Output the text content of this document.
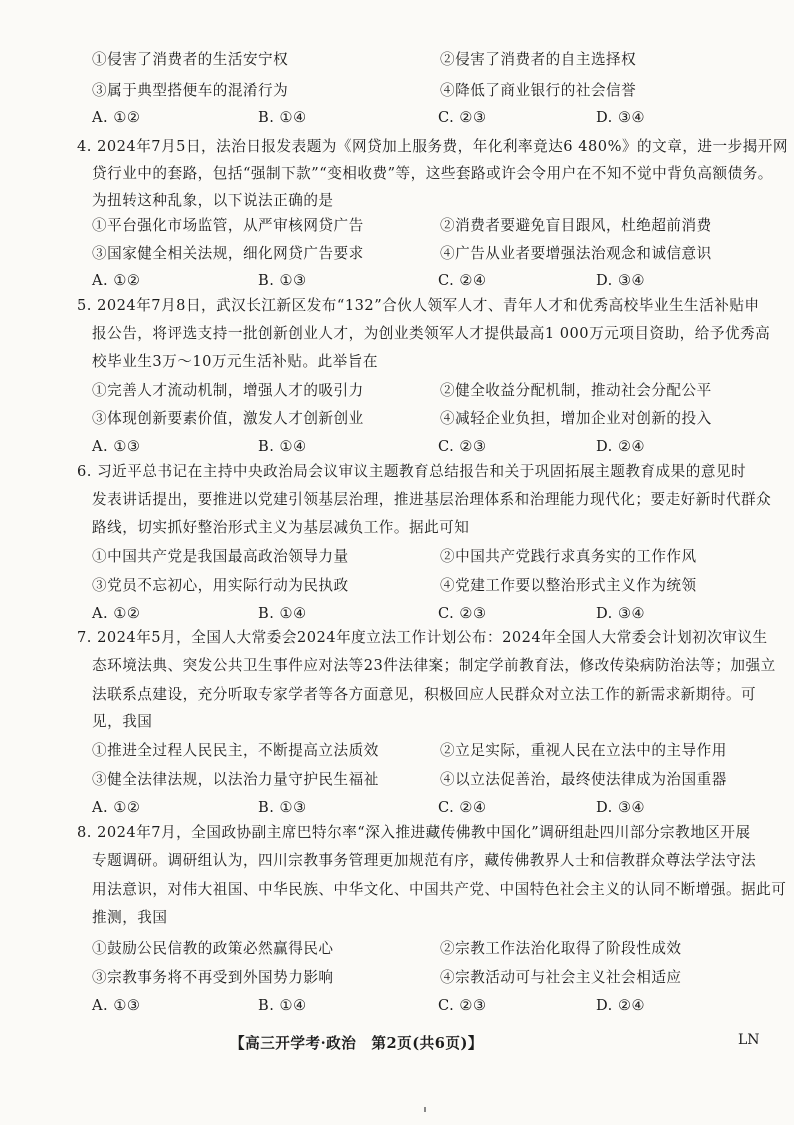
①侵害了消费者的生活安宁权	②侵害了消费者的自主选择权
③属于典型搭便车的混淆行为	④降低了商业银行的社会信誉
A. ①②	B. ①④	C. ②③	D. ③④
4. 2024年7月5日，法治日报发表题为《网贷加上服务费，年化利率竟达6 480%》的文章，进一步揭开网
贷行业中的套路，包括“强制下款”“变相收费”等，这些套路或许会令用户在不知不觉中背负高额债务。
为扭转这种乱象，以下说法正确的是
①平台强化市场监管，从严审核网贷广告	②消费者要避免盲目跟风，杜绝超前消费
③国家健全相关法规，细化网贷广告要求	④广告从业者要增强法治观念和诚信意识
A. ①②	B. ①③	C. ②④	D. ③④
5. 2024年7月8日，武汉长江新区发布“132”合伙人领军人才、青年人才和优秀高校毕业生生活补贴申
报公告，将评选支持一批创新创业人才，为创业类领军人才提供最高1 000万元项目资助，给予优秀高
校毕业生3万～10万元生活补贴。此举旨在
①完善人才流动机制，增强人才的吸引力	②健全收益分配机制，推动社会分配公平
③体现创新要素价值，激发人才创新创业	④减轻企业负担，增加企业对创新的投入
A. ①③	B. ①④	C. ②③	D. ②④
6. 习近平总书记在主持中央政治局会议审议主题教育总结报告和关于巩固拓展主题教育成果的意见时
发表讲话提出，要推进以党建引领基层治理，推进基层治理体系和治理能力现代化；要走好新时代群众
路线，切实抓好整治形式主义为基层减负工作。据此可知
①中国共产党是我国最高政治领导力量	②中国共产党践行求真务实的工作作风
③党员不忘初心，用实际行动为民执政	④党建工作要以整治形式主义作为统领
A. ①②	B. ①④	C. ②③	D. ③④
7. 2024年5月，全国人大常委会2024年度立法工作计划公布：2024年全国人大常委会计划初次审议生
态环境法典、突发公共卫生事件应对法等23件法律案；制定学前教育法，修改传染病防治法等；加强立
法联系点建设，充分听取专家学者等各方面意见，积极回应人民群众对立法工作的新需求新期待。可
见，我国
①推进全过程人民民主，不断提高立法质效	②立足实际，重视人民在立法中的主导作用
③健全法律法规，以法治力量守护民生福祉	④以立法促善治，最终使法律成为治国重器
A. ①②	B. ①③	C. ②④	D. ③④
8. 2024年7月，全国政协副主席巴特尔率“深入推进藏传佛教中国化”调研组赴四川部分宗教地区开展
专题调研。调研组认为，四川宗教事务管理更加规范有序，藏传佛教界人士和信教群众尊法学法守法
用法意识，对伟大祖国、中华民族、中华文化、中国共产党、中国特色社会主义的认同不断增强。据此可
推测，我国
①鼓励公民信教的政策必然赢得民心	②宗教工作法治化取得了阶段性成效
③宗教事务将不再受到外国势力影响	④宗教活动可与社会主义社会相适应
A. ①③	B. ①④	C. ②③	D. ②④
【高三开学考·政治　第2页(共6页)】	LN
